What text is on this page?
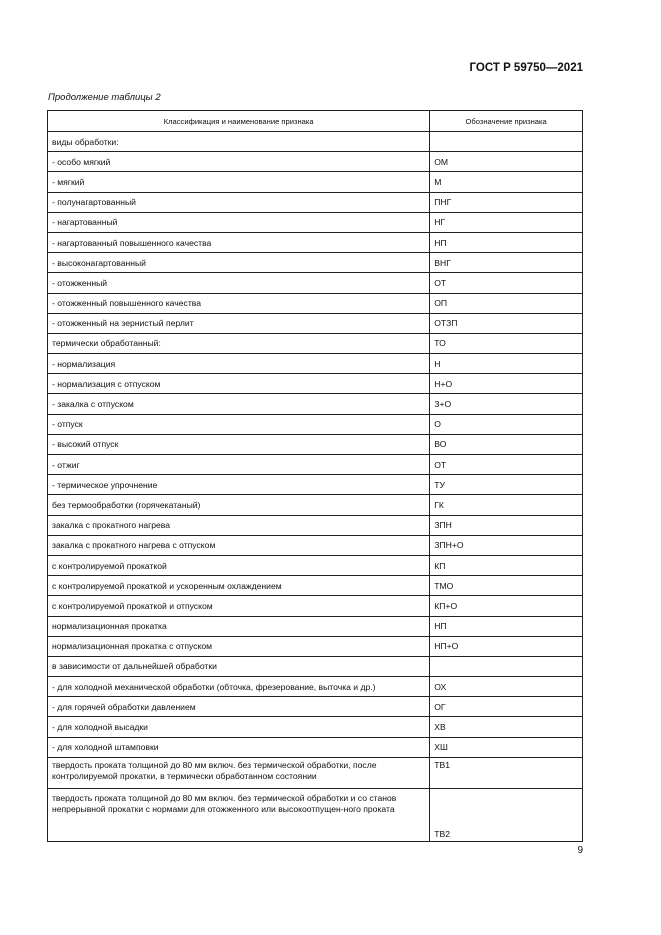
ГОСТ Р 59750—2021
Продолжение таблицы 2
Классификация и наименование признака	Обозначение признака
виды обработки:	
- особо мягкий	ОМ
- мягкий	М
- полунагартованный	ПНГ
- нагартованный	НГ
- нагартованный повышенного качества	НП
- высоконагартованный	ВНГ
- отожженный	ОТ
- отожженный повышенного качества	ОП
- отожженный на зернистый перлит	ОТЗП
термически обработанный:	ТО
- нормализация	Н
- нормализация с отпуском	Н+О
- закалка с отпуском	З+О
- отпуск	О
- высокий отпуск	ВО
- отжиг	ОТ
- термическое упрочнение	ТУ
без термообработки (горячекатаный)	ГК
закалка с прокатного нагрева	ЗПН
закалка с прокатного нагрева с отпуском	ЗПН+О
с контролируемой прокаткой	КП
с контролируемой прокаткой и ускоренным охлаждением	ТМО
с контролируемой прокаткой и отпуском	КП+О
нормализационная прокатка	НП
нормализационная прокатка с отпуском	НП+О
в зависимости от дальнейшей обработки	
- для холодной механической обработки (обточка, фрезерование, выточка и др.)	ОХ
- для горячей обработки давлением	ОГ
- для холодной высадки	ХВ
- для холодной штамповки	ХШ
твердость проката толщиной до 80 мм включ. без термической обработки, после контролируемой прокатки, в термически обработанном состоянии	ТВ1
твердость проката толщиной до 80 мм включ. без термической обработки и со станов непрерывной прокатки с нормами для отожженного или высокоотпущен-ного проката	ТВ2
9
